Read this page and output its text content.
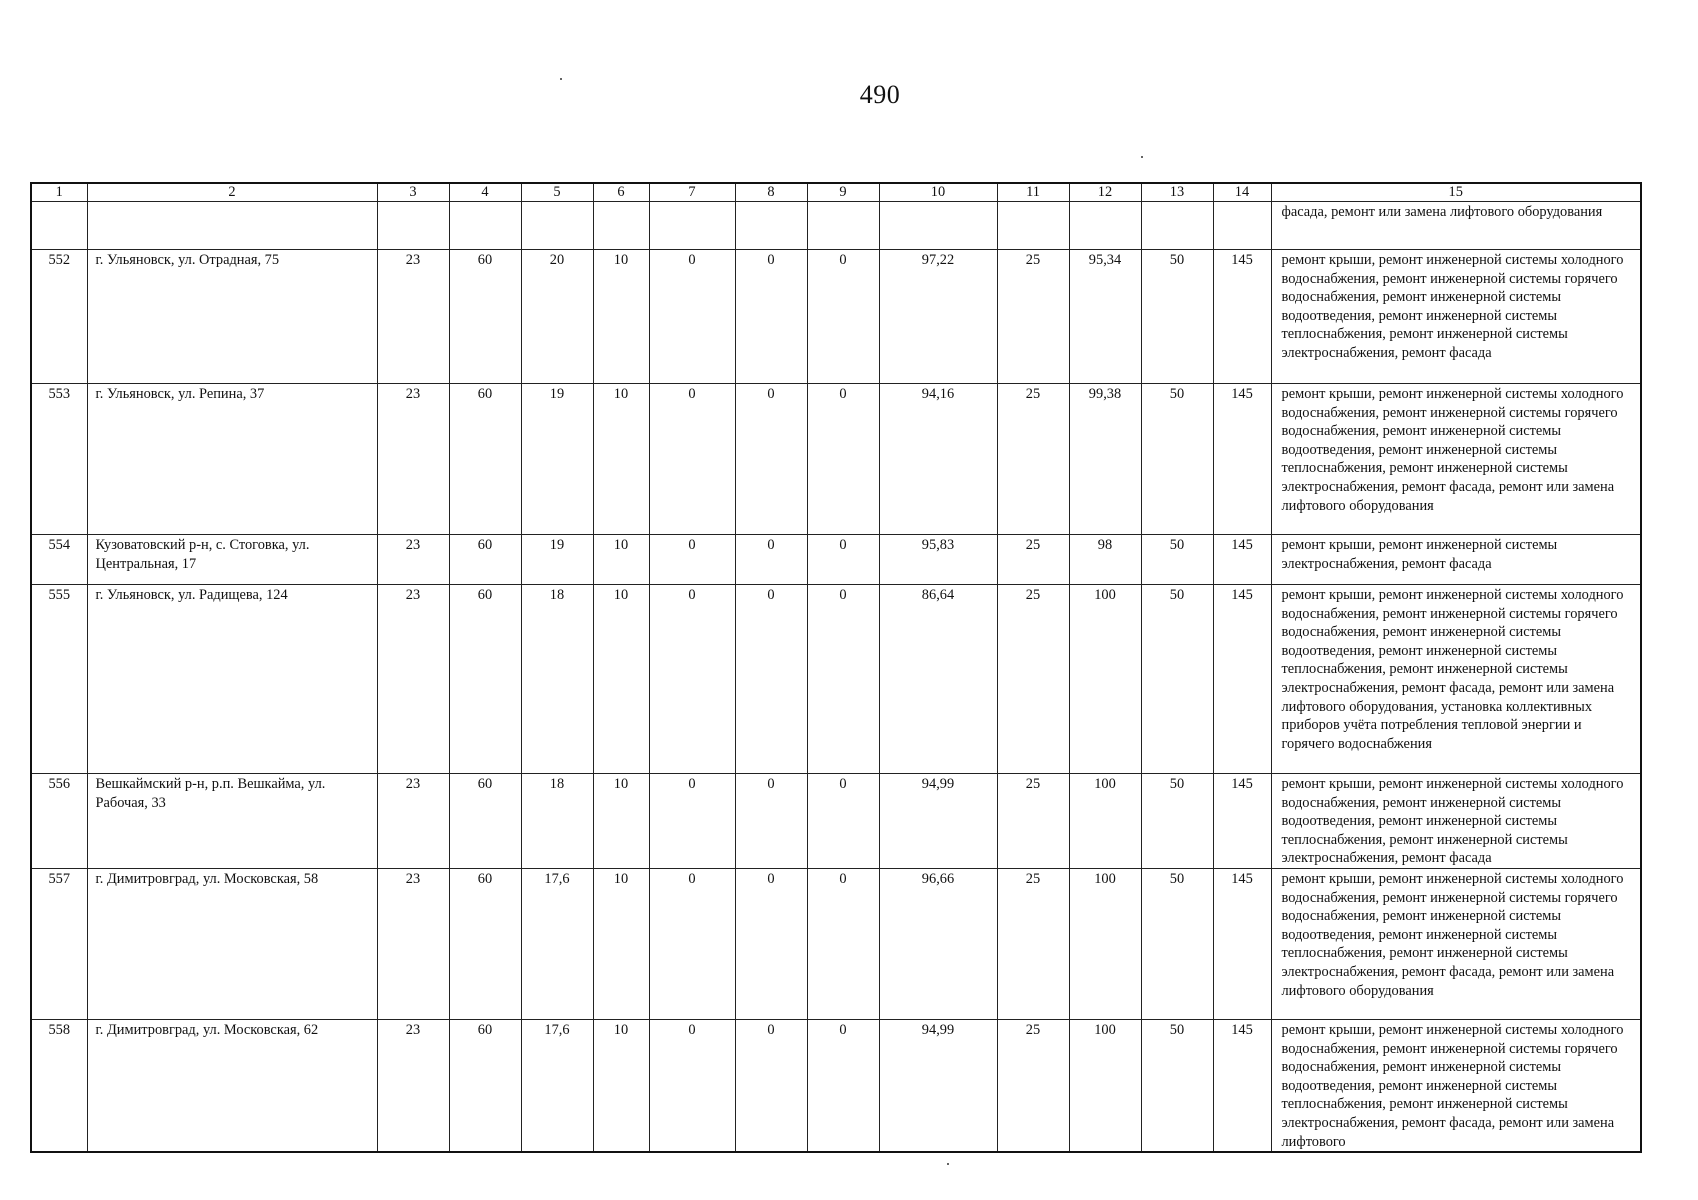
490
1	2	3	4	5	6	7	8	9	10	11	12	13	14	15
														фасада, ремонт или замена лифтового оборудования
552	г. Ульяновск, ул. Отрадная, 75	23	60	20	10	0	0	0	97,22	25	95,34	50	145	ремонт крыши, ремонт инженерной системы холодного водоснабжения, ремонт инженерной системы горячего водоснабжения, ремонт инженерной системы водоотведения, ремонт инженерной системы теплоснабжения, ремонт инженерной системы электроснабжения, ремонт фасада
553	г. Ульяновск, ул. Репина, 37	23	60	19	10	0	0	0	94,16	25	99,38	50	145	ремонт крыши, ремонт инженерной системы холодного водоснабжения, ремонт инженерной системы горячего водоснабжения, ремонт инженерной системы водоотведения, ремонт инженерной системы теплоснабжения, ремонт инженерной системы электроснабжения, ремонт фасада, ремонт или замена лифтового оборудования
554	Кузоватовский р-н, с. Стоговка, ул. Центральная, 17	23	60	19	10	0	0	0	95,83	25	98	50	145	ремонт крыши, ремонт инженерной системы электроснабжения, ремонт фасада
555	г. Ульяновск, ул. Радищева, 124	23	60	18	10	0	0	0	86,64	25	100	50	145	ремонт крыши, ремонт инженерной системы холодного водоснабжения, ремонт инженерной системы горячего водоснабжения, ремонт инженерной системы водоотведения, ремонт инженерной системы теплоснабжения, ремонт инженерной системы электроснабжения, ремонт фасада, ремонт или замена лифтового оборудования, установка коллективных приборов учёта потребления тепловой энергии и горячего водоснабжения
556	Вешкаймский р-н, р.п. Вешкайма, ул. Рабочая, 33	23	60	18	10	0	0	0	94,99	25	100	50	145	ремонт крыши, ремонт инженерной системы холодного водоснабжения, ремонт инженерной системы водоотведения, ремонт инженерной системы теплоснабжения, ремонт инженерной системы электроснабжения, ремонт фасада
557	г. Димитровград, ул. Московская, 58	23	60	17,6	10	0	0	0	96,66	25	100	50	145	ремонт крыши, ремонт инженерной системы холодного водоснабжения, ремонт инженерной системы горячего водоснабжения, ремонт инженерной системы водоотведения, ремонт инженерной системы теплоснабжения, ремонт инженерной системы электроснабжения, ремонт фасада, ремонт или замена лифтового оборудования
558	г. Димитровград, ул. Московская, 62	23	60	17,6	10	0	0	0	94,99	25	100	50	145	ремонт крыши, ремонт инженерной системы холодного водоснабжения, ремонт инженерной системы горячего водоснабжения, ремонт инженерной системы водоотведения, ремонт инженерной системы теплоснабжения, ремонт инженерной системы электроснабжения, ремонт фасада, ремонт или замена лифтового
